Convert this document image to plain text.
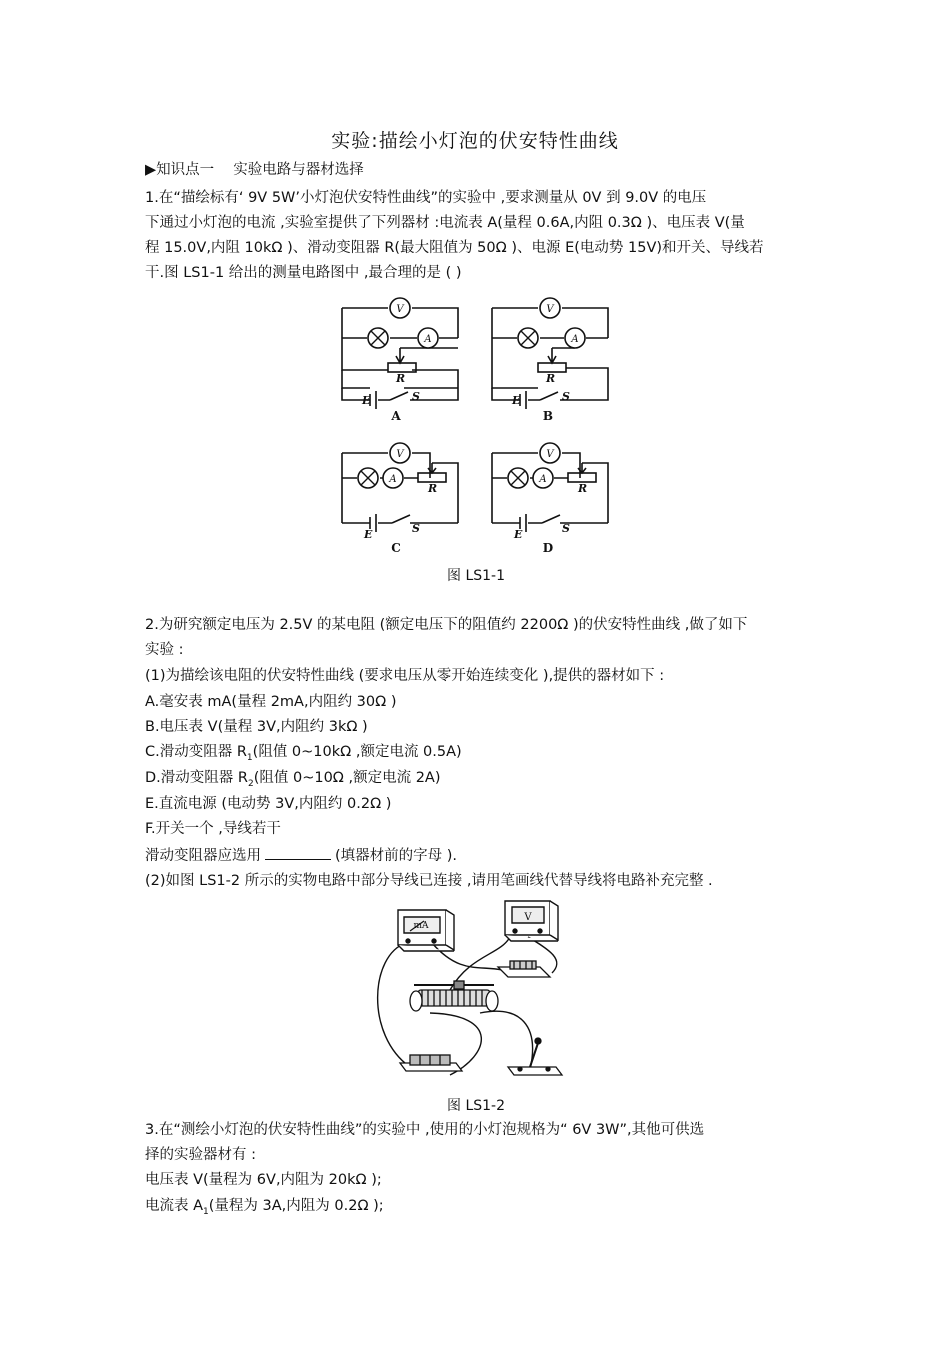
实验:描绘小灯泡的伏安特性曲线
▶知识点一　 实验电路与器材选择
1.在“描绘标有‘ 9V 5W’小灯泡伏安特性曲线”的实验中 ,要求测量从 0V 到 9.0V 的电压
下通过小灯泡的电流 ,实验室提供了下列器材 :电流表 A(量程 0.6A,内阻 0.3Ω )、电压表 V(量
程 15.0V,内阻 10kΩ )、滑动变阻器 R(最大阻值为 50Ω )、电源 E(电动势 15V)和开关、导线若
干.图 LS1-1 给出的测量电路图中 ,最合理的是 ( )
V
A
V
A
V
A
V
A
R	R
R	R
E	S	E	S
E	S	E	S
A	B
C	D
图 LS1-1
2.为研究额定电压为 2.5V 的某电阻 (额定电压下的阻值约 2200Ω )的伏安特性曲线 ,做了如下
实验 :
(1)为描绘该电阻的伏安特性曲线 (要求电压从零开始连续变化 ),提供的器材如下 :
A.毫安表 mA(量程 2mA,内阻约 30Ω )
B.电压表 V(量程 3V,内阻约 3kΩ )
C.滑动变阻器 $R_1$(阻值 0~10kΩ ,额定电流 0.5A)
D.滑动变阻器 $R_2$(阻值 0~10Ω ,额定电流 2A)
E.直流电源 (电动势 3V,内阻约 0.2Ω )
F.开关一个 ,导线若干
滑动变阻器应选用	(填器材前的字母 ).
(2)如图 LS1-2 所示的实物电路中部分导线已连接 ,请用笔画线代替导线将电路补充完整 .
mA
V
图 LS1-2
3.在“测绘小灯泡的伏安特性曲线”的实验中 ,使用的小灯泡规格为“ 6V 3W”,其他可供选
择的实验器材有 :
电压表 V(量程为 6V,内阻为 20kΩ );
电流表 $A_1$(量程为 3A,内阻为 0.2Ω );
